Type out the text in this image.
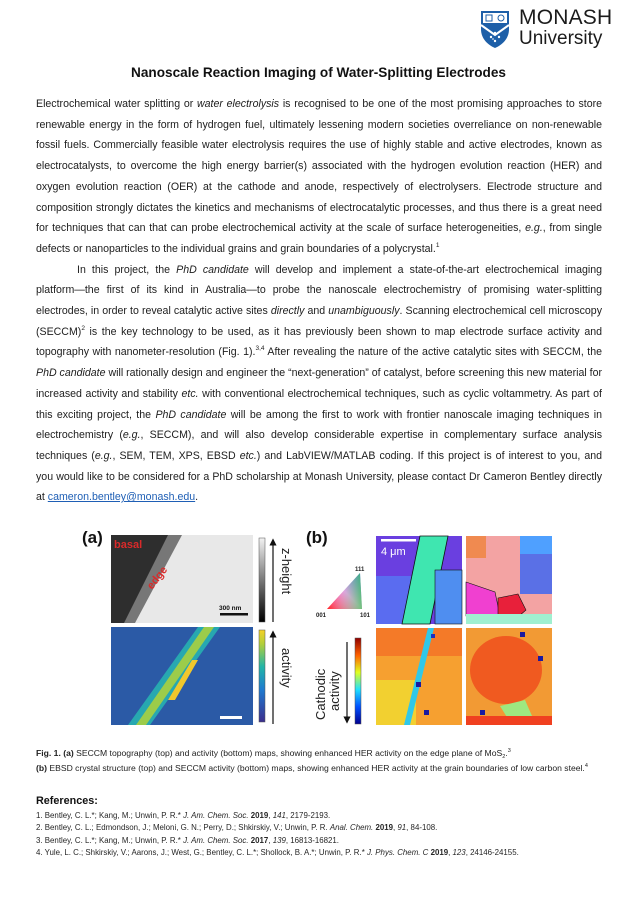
MONASH
University
Nanoscale Reaction Imaging of Water-Splitting Electrodes

Electrochemical water splitting or water electrolysis is recognised to be one of the most promising approaches to store renewable energy in the form of hydrogen fuel, ultimately lessening modern societies overreliance on non-renewable fossil fuels. Commercially feasible water electrolysis requires the use of highly stable and active electrodes, known as electrocatalysts, to overcome the high energy barrier(s) associated with the hydrogen evolution reaction (HER) and oxygen evolution reaction (OER) at the cathode and anode, respectively of electrolysers. Electrode structure and composition strongly dictates the kinetics and mechanisms of electrocatalytic processes, and thus there is a great need for techniques that can that can probe electrochemical activity at the scale of surface heterogeneities, e.g., from single defects or nanoparticles to the individual grains and grain boundaries of a polycrystal.$^1$

In this project, the PhD candidate will develop and implement a state-of-the-art electrochemical imaging platform—the first of its kind in Australia—to probe the nanoscale electrochemistry of promising water-splitting electrodes, in order to reveal catalytic active sites directly and unambiguously. Scanning electrochemical cell microscopy (SECCM)$^2$ is the key technology to be used, as it has previously been shown to map electrode surface activity and topography with nanometer-resolution (Fig. 1).$^{3,4}$ After revealing the nature of the active catalytic sites with SECCM, the PhD candidate will rationally design and engineer the “next-generation” of catalyst, before screening this new material for increased activity and stability etc. with conventional electrochemical techniques, such as cyclic voltammetry. As part of this exciting project, the PhD candidate will be among the first to work with frontier nanoscale imaging techniques in electrochemistry (e.g., SECCM), and will also develop considerable expertise in complementary surface analysis techniques (e.g., SEM, TEM, XPS, EBSD etc.) and LabVIEW/MATLAB coding. If this project is of interest to you, and you would like to be considered for a PhD scholarship at Monash University, please contact Dr Cameron Bentley directly at cameron.bentley@monash.edu.

(a)	(b)
basal
edge
300 nm
z-height
activity
4 μm
111
001	101
Cathodic activity
Fig. 1. (a) SECCM topography (top) and activity (bottom) maps, showing enhanced HER activity on the edge plane of MoS$_2$.$^3$
(b) EBSD crystal structure (top) and SECCM activity (bottom) maps, showing enhanced HER activity at the grain boundaries of low carbon steel.$^4$
References:
1. Bentley, C. L.*; Kang, M.; Unwin, P. R.* J. Am. Chem. Soc. 2019, 141, 2179-2193.
2. Bentley, C. L.; Edmondson, J.; Meloni, G. N.; Perry, D.; Shkirskiy, V.; Unwin, P. R. Anal. Chem. 2019, 91, 84-108.
3. Bentley, C. L.*; Kang, M.; Unwin, P. R.* J. Am. Chem. Soc. 2017, 139, 16813-16821.
4. Yule, L. C.; Shkirskiy, V.; Aarons, J.; West, G.; Bentley, C. L.*; Shollock, B. A.*; Unwin, P. R.* J. Phys. Chem. C 2019, 123, 24146-24155.
